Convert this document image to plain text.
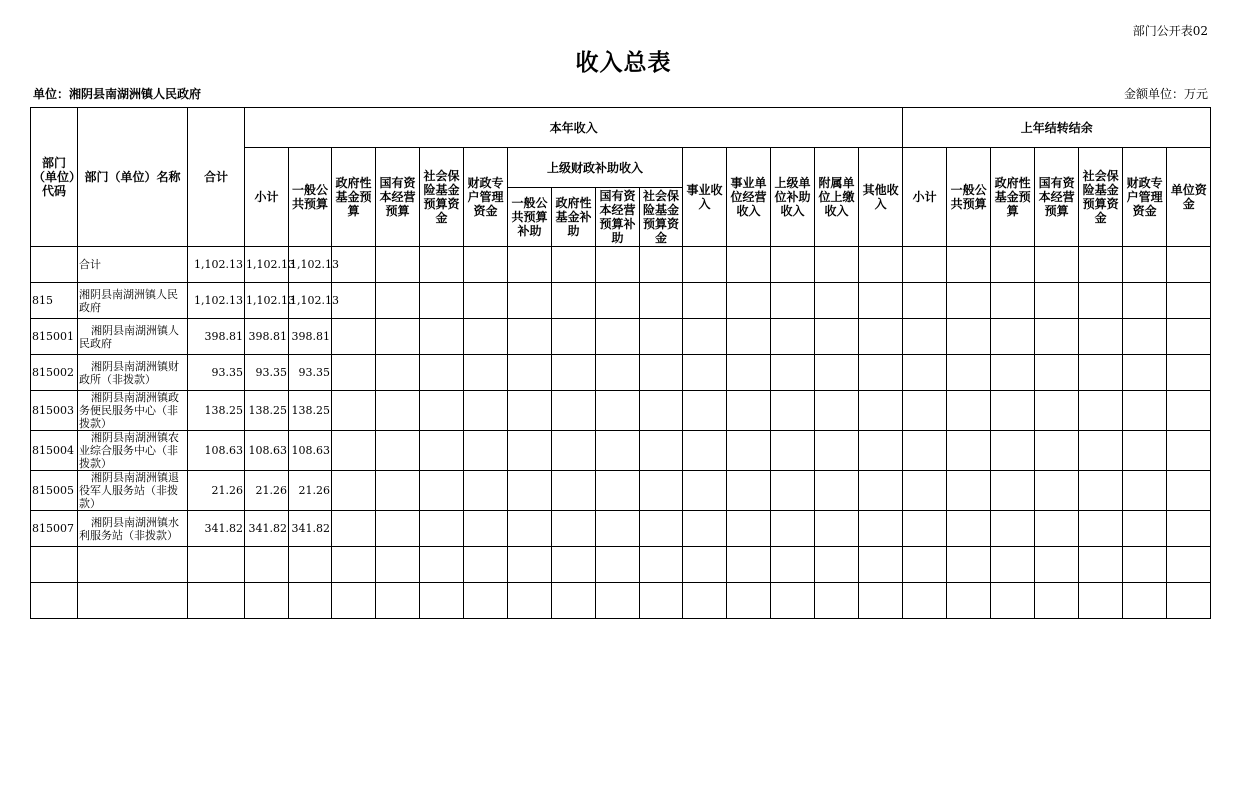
部门公开表02
收入总表
单位：湘阴县南湖洲镇人民政府	金额单位：万元
部门（单位）代码	部门（单位）名称	合计	本年收入															上年结转结余						
			小计	一般公共预算	政府性基金预算	国有资本经营预算	社会保险基金预算资金	财政专户管理资金	上级财政补助收入				事业收入	事业单位经营收入	上级单位补助收入	附属单位上缴收入	其他收入	小计	一般公共预算	政府性基金预算	国有资本经营预算	社会保险基金预算资金	财政专户管理资金	单位资金
									一般公共预算补助	政府性基金补助	国有资本经营预算补助	社会保险基金预算资金												
	合计	1,102.13	1,102.13	1,102.13																				
815	湘阴县南湖洲镇人民政府	1,102.13	1,102.13	1,102.13																				
815001	湘阴县南湖洲镇人民政府	398.81	398.81	398.81																				
815002	湘阴县南湖洲镇财政所（非拨款）	93.35	93.35	93.35																				
815003	湘阴县南湖洲镇政务便民服务中心（非拨款）	138.25	138.25	138.25																				
815004	湘阴县南湖洲镇农业综合服务中心（非拨款）	108.63	108.63	108.63																				
815005	湘阴县南湖洲镇退役军人服务站（非拨款）	21.26	21.26	21.26																				
815007	湘阴县南湖洲镇水利服务站（非拨款）	341.82	341.82	341.82																				
